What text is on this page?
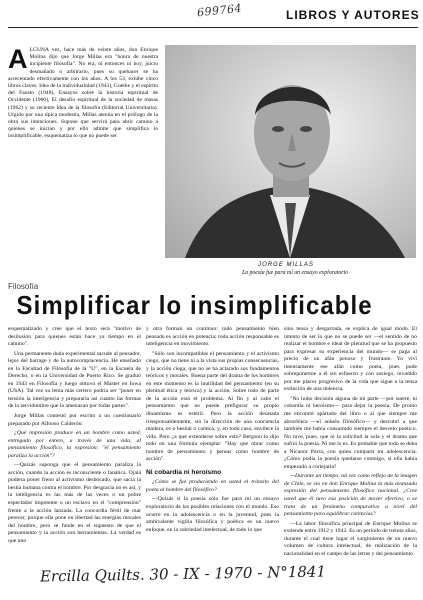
699764	LIBROS Y AUTORES
A LGUNA vez, hace más de veinte años, don Enrique Molina dijo que Jorge Millas era "honra de nuestra incipiente filosofía". No era, ni entonces ni hoy, juicio desmañado o arbitrario, pues su quehacer se ha acrecentado efectivamente con los años. A los 53, exhibe cinco libros claves: Idea de la individualidad (1943), Goethe y el espíritu del Fausto (1948), Ensayos sobre la historia espiritual de Occidente (1960), El desafío espiritual de la sociedad de masas (1962) y su reciente Idea de la filosofía (Editorial Universitaria). Urgido por una típica modestia, Millas atenúa en el prólogo de la obra sus intenciones. Supone que servirá para abrir camino a quienes se inician y por ello admite que simplifica lo insimplificable, esquematiza lo que no puede ser
JORGE MILLAS
La poesía fue para mí un ensayo exploratorio
Filosofía
Simplificar lo insimplificable

esquematizado y cree que el texto será "motivo de desilusión para quienes están hace ya tiempo en el camino".

Una permanente duda experimental sacude al pensador, lejos del barrage y de la autocomplacencia. He enseñado en la Facultad de Filosofía de la "U", en la Escuela de Derecho, o en la Universidad de Puerto Rico. Se graduó en 1943 en Filosofía y luego obtuvo el Master en Iowa (USA). Tal vez su lema más certero podría ser "poner en tensión la inteligencia y prepararla así cuanto las formas de la servidumbre que la amenazan por todas partes".

Jorge Millas contestó por escrito a un cuestionario preparado por Alfonso Calderón:

¿Qué impresión produce en un hombre como usted, entregado por entero, a través de una vida, al pensamiento filosófico, la expresión: "el pensamiento paraliza la acción"?

—Quizás suponga que el pensamiento paraliza la acción, cuando la acción es inconsciente o fanática. Ojalá pudiera poner freno al activismo desbocado, que sacia la bestia humana contra el hombre. Por desgracia no es así, y la inteligencia es las más de las veces o un pobre espectador impotente o un esclavo en el "comprensión" frente a la acción lanzada. La concordia fértil de mar perecer, porque ella pone en libertad las energías morales del hombre, pero se funde en el supuesto de que el pensamiento y la acción son herramientas. La verdad es que uno

y otra forman un continuo: todo pensamiento bien pensado es acción en potencia; toda acción responsable es inteligencia en movimiento.

"Sólo son incompatibles el pensamiento y el activismo ciego, que no tiene ni a la vista sus propias consecuencias, y la acción ciega, que no se ha aclarado sus fundamentos teóricos y morales. Buena parte del drama de los hombres en este momento es la inutilidad del pensamiento (en su plenitud ética y teórica) y la acción. Sobre todo de parte de la acción está el problema. Al fin y al cabo el pensamiento que no puede prefigurar su propio dinamismo es estéril. Pero la acción desatada irresponsablemente, sin la dirección de una conciencia madura, es o bestial o caótica, y, en todo caso, envilece la vida. Pero ¿a qué extenderse sobre esto? Bergson lo dijo todo en una fórmula ejemplar: "Hay que obrar como hombre de pensamiento y pensar como hombre de acción".

Ni cobardía ni heroísmo

¿Cómo se fue produciendo en usted el tránsito del poeta al hombre del filosófico?

—Quizás si la poesía sólo fue para mí un ensayo exploratorio de las posibles relaciones con el mundo. Eso ocurre en la adolescencia o en la juventud, pues la ambivalente vigilia filosófica y poética es un nuevo enfoque, en la sobriedad intelectual, de todo lo que

sino tensa y desgarrada, se explica de igual modo. El intento de ser lo que no se puede ser —el sentido de no realizar el hombre e ideal de plenitud que se ha propuesto para expresar su experiencia del mundo— se paga al precio de un afán penoso y frustrante. Yo viví intensamente ese afán como poeta, pues pude sobreponerme a él sin esfuerzo y con sosiego, invadido por me placer progresivo de la vida que sigue a la tensa extinción de una dolencia.

"No hubo decisión alguna de mi parte —por suerte, ni cobardía ni heroísmo— para dejar la poesía. De pronto me encontré apártado del libro o al que siempre me absorbiera —el anhelo filosófico— y descubrí a que también me había consumido siempre el desvelo poético. No tuve, pues, que ni la solicitud la sola y el drama que sufrió la poesía. Ni me lo es. Es probable que todo se deba a Nicanor Parra, con quien compartí mi adolescencia. ¿Cómo podía la poesía quedarse conmigo, si ella había empezado a cortejarla?

—Durante un tiempo, tal vez como reflejo de la imagen de Chile, se vio en don Enrique Molina la más avanzada expresión del pensamiento filosófico nacional. ¿Cree usted que él tuvo esa posición de mover efectivo, o se trata de un fenómeno comparativo a nivel del pensamiento para equilibrar carencias?

—La labor filosófica principal de Enrique Molina se extiende entre 1912 y 1942. Es un período de treinta años, durante el cual tiene lugar el surgimiento de un nuevo volumen de cultura intelectual, de realización de la nacionalidad en el campo de las letras y del pensamiento

Ercilla Quilts. 30 - IX - 1970 - N°1841
